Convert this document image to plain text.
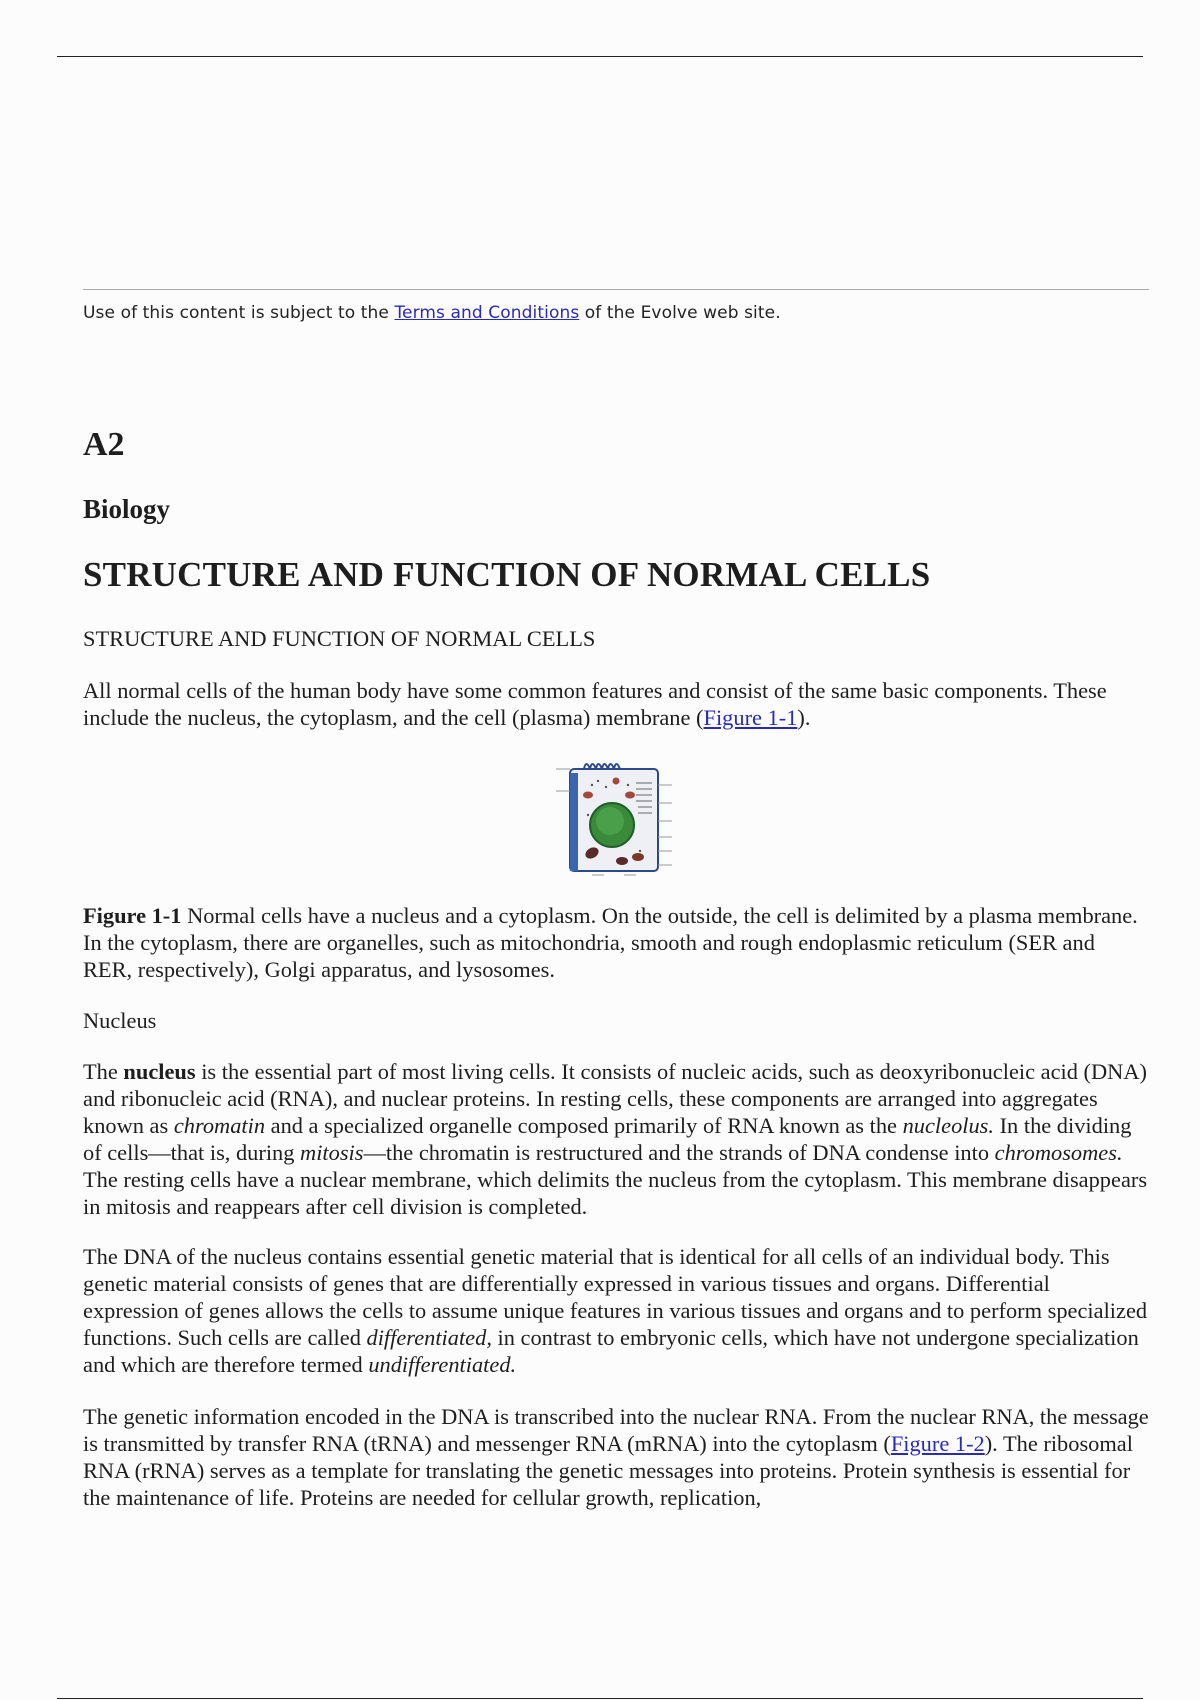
Use of this content is subject to the Terms and Conditions of the Evolve web site.
A2
Biology
STRUCTURE AND FUNCTION OF NORMAL CELLS

STRUCTURE AND FUNCTION OF NORMAL CELLS

All normal cells of the human body have some common features and consist of the same basic components. These include the nucleus, the cytoplasm, and the cell (plasma) membrane (Figure 1-1).

Figure 1-1 Normal cells have a nucleus and a cytoplasm. On the outside, the cell is delimited by a plasma membrane. In the cytoplasm, there are organelles, such as mitochondria, smooth and rough endoplasmic reticulum (SER and RER, respectively), Golgi apparatus, and lysosomes.

Nucleus

The nucleus is the essential part of most living cells. It consists of nucleic acids, such as deoxyribonucleic acid (DNA) and ribonucleic acid (RNA), and nuclear proteins. In resting cells, these components are arranged into aggregates known as chromatin and a specialized organelle composed primarily of RNA known as the nucleolus. In the dividing of cells—that is, during mitosis—the chromatin is restructured and the strands of DNA condense into chromosomes. The resting cells have a nuclear membrane, which delimits the nucleus from the cytoplasm. This membrane disappears in mitosis and reappears after cell division is completed.

The DNA of the nucleus contains essential genetic material that is identical for all cells of an individual body. This genetic material consists of genes that are differentially expressed in various tissues and organs. Differential expression of genes allows the cells to assume unique features in various tissues and organs and to perform specialized functions. Such cells are called differentiated, in contrast to embryonic cells, which have not undergone specialization and which are therefore termed undifferentiated.

The genetic information encoded in the DNA is transcribed into the nuclear RNA. From the nuclear RNA, the message is transmitted by transfer RNA (tRNA) and messenger RNA (mRNA) into the cytoplasm (Figure 1-2). The ribosomal RNA (rRNA) serves as a template for translating the genetic messages into proteins. Protein synthesis is essential for the maintenance of life. Proteins are needed for cellular growth, replication,
